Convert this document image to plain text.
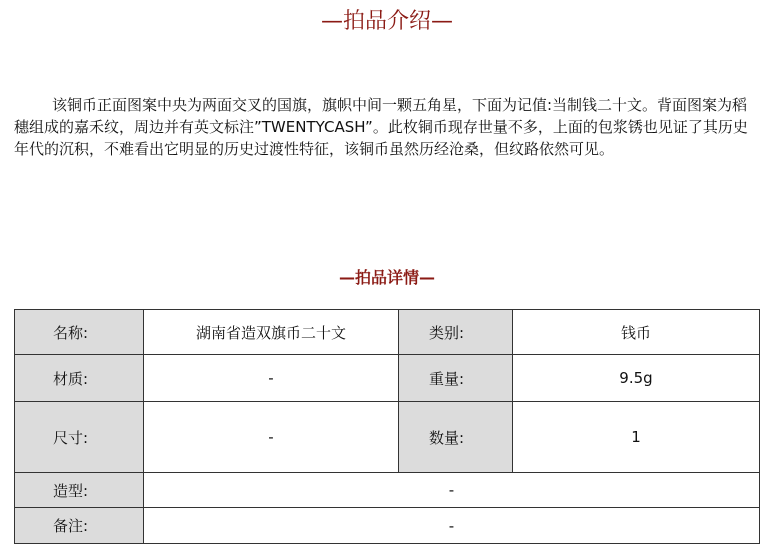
—拍品介绍—
该铜币正面图案中央为两面交叉的国旗，旗帜中间一颗五角星，下面为记值:当制钱二十文。背面图案为稻穗组成的嘉禾纹，周边并有英文标注”TWENTYCASH”。此枚铜币现存世量不多，上面的包浆锈也见证了其历史年代的沉积，不难看出它明显的历史过渡性特征，该铜币虽然历经沧桑，但纹路依然可见。
—拍品详情—
名称:	湖南省造双旗币二十文	类别:	钱币
材质:	-	重量:	9.5g
尺寸:	-	数量:	1
造型:	-		
备注:	-		
